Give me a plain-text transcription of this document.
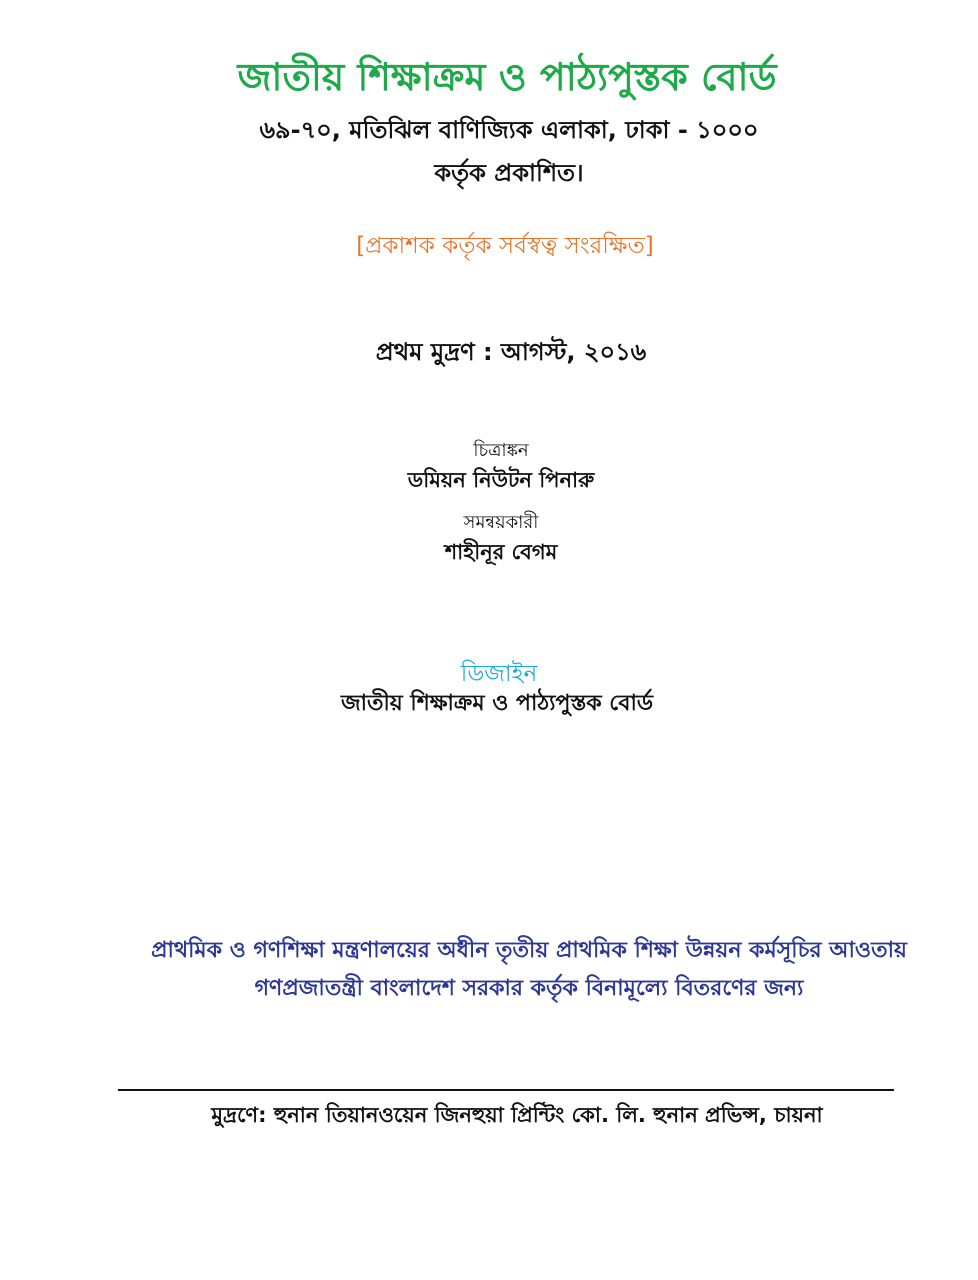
জাতীয় শিক্ষাক্রম ও পাঠ্যপুস্তক বোর্ড
৬৯-৭০, মতিঝিল বাণিজ্যিক এলাকা, ঢাকা - ১০০০
কর্তৃক প্রকাশিত।
[প্রকাশক কর্তৃক সর্বস্বত্ব সংরক্ষিত]
প্রথম মুদ্রণ : আগস্ট, ২০১৬
চিত্রাঙ্কন
ডমিয়ন নিউটন পিনারু
সমন্বয়কারী
শাহীনূর বেগম
ডিজাইন
জাতীয় শিক্ষাক্রম ও পাঠ্যপুস্তক বোর্ড
প্রাথমিক ও গণশিক্ষা মন্ত্রণালয়ের অধীন তৃতীয় প্রাথমিক শিক্ষা উন্নয়ন কর্মসূচির আওতায়
গণপ্রজাতন্ত্রী বাংলাদেশ সরকার কর্তৃক বিনামূল্যে বিতরণের জন্য
মুদ্রণে: হুনান তিয়ানওয়েন জিনহুয়া প্রিন্টিং কো. লি. হুনান প্রভিন্স, চায়না
